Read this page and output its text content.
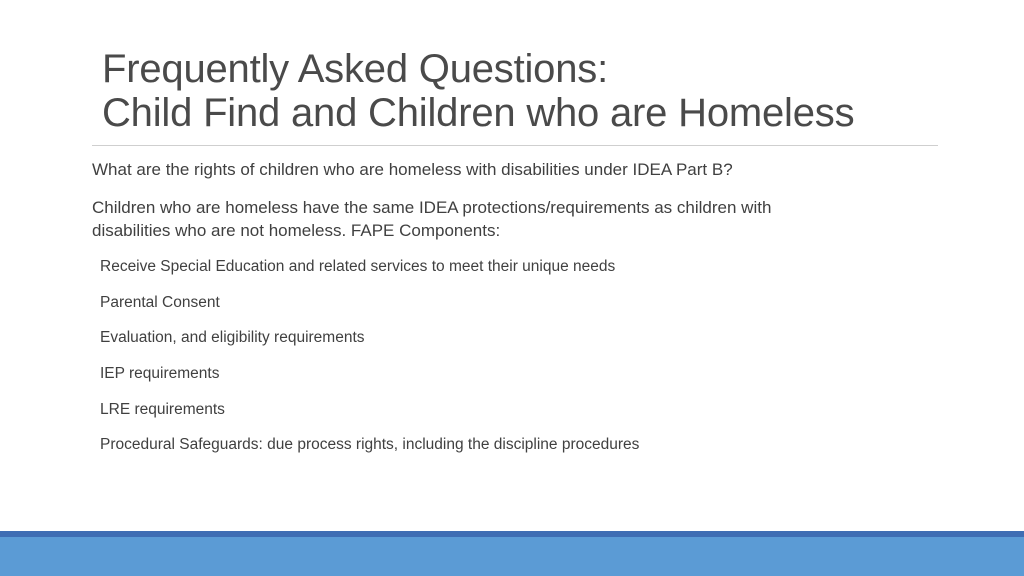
Frequently Asked Questions:
Child Find and Children who are Homeless

What are the rights of children who are homeless with disabilities under IDEA Part B?

Children who are homeless have the same IDEA protections/requirements as children with
disabilities who are not homeless. FAPE Components:

Receive Special Education and related services to meet their unique needs
Parental Consent
Evaluation, and eligibility requirements
IEP requirements
LRE requirements
Procedural Safeguards: due process rights, including the discipline procedures
